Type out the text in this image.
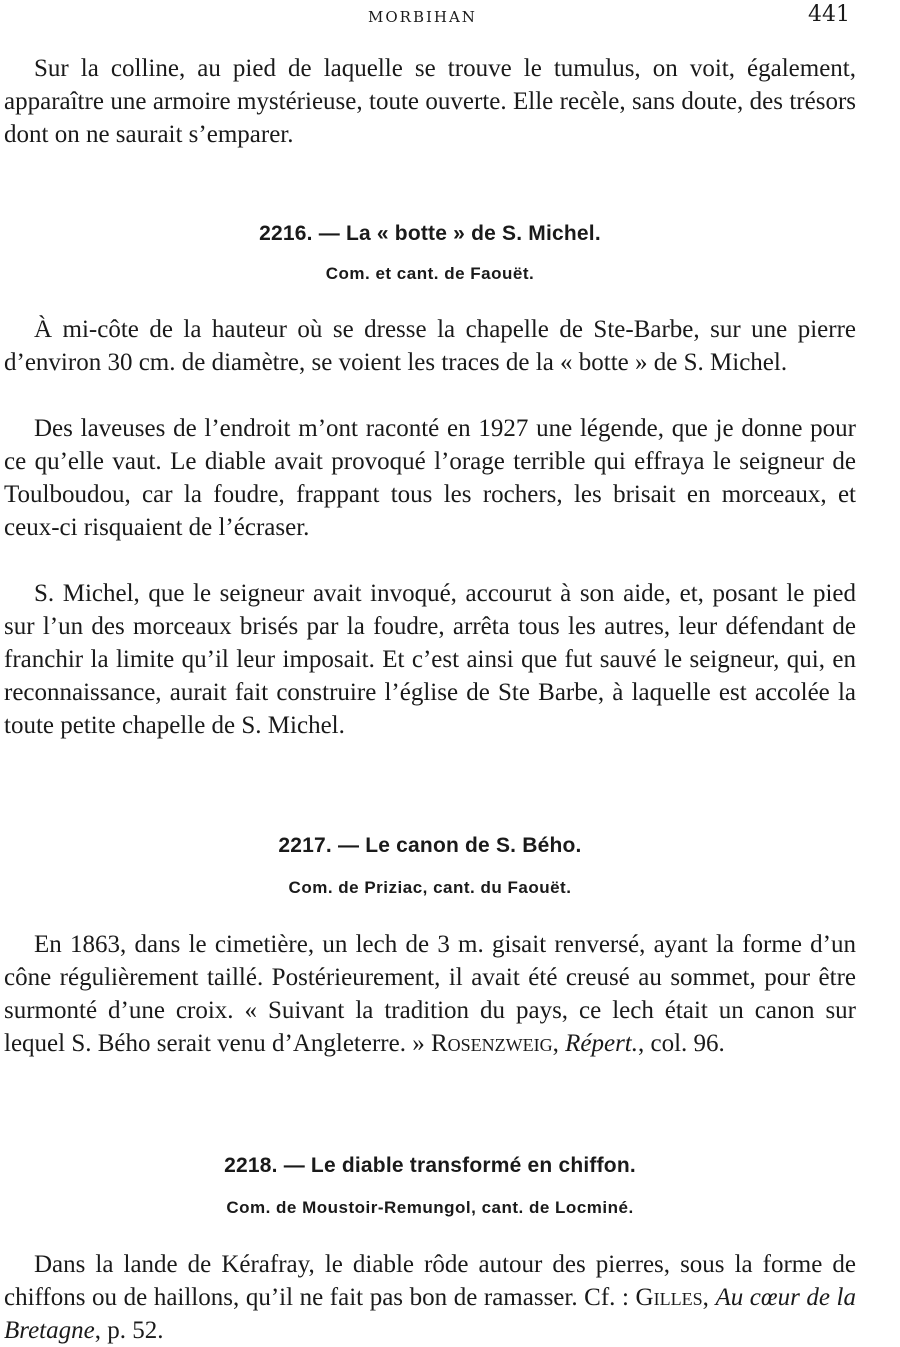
MORBIHAN	441

Sur la colline, au pied de laquelle se trouve le tumulus, on voit, également, apparaître une armoire mystérieuse, toute ouverte. Elle recèle, sans doute, des trésors dont on ne saurait s’emparer.

2216. — La « botte » de S. Michel.

Com. et cant. de Faouët.

À mi-côte de la hauteur où se dresse la chapelle de Ste-Barbe, sur une pierre d’environ 30 cm. de diamètre, se voient les traces de la « botte » de S. Michel.

Des laveuses de l’endroit m’ont raconté en 1927 une légende, que je donne pour ce qu’elle vaut. Le diable avait provoqué l’orage terrible qui effraya le seigneur de Toulboudou, car la foudre, frappant tous les rochers, les brisait en morceaux, et ceux-ci risquaient de l’écraser.

S. Michel, que le seigneur avait invoqué, accourut à son aide, et, posant le pied sur l’un des morceaux brisés par la foudre, arrêta tous les autres, leur défendant de franchir la limite qu’il leur imposait. Et c’est ainsi que fut sauvé le seigneur, qui, en reconnaissance, aurait fait construire l’église de Ste Barbe, à laquelle est accolée la toute petite chapelle de S. Michel.

2217. — Le canon de S. Bého.

Com. de Priziac, cant. du Faouët.

En 1863, dans le cimetière, un lech de 3 m. gisait renversé, ayant la forme d’un cône régulièrement taillé. Postérieurement, il avait été creusé au sommet, pour être surmonté d’une croix. « Suivant la tradition du pays, ce lech était un canon sur lequel S. Bého serait venu d’Angleterre. » Rosenzweig, Répert., col. 96.

2218. — Le diable transformé en chiffon.

Com. de Moustoir-Remungol, cant. de Locminé.

Dans la lande de Kérafray, le diable rôde autour des pierres, sous la forme de chiffons ou de haillons, qu’il ne fait pas bon de ramasser. Cf. : Gilles, Au cœur de la Bretagne, p. 52.
